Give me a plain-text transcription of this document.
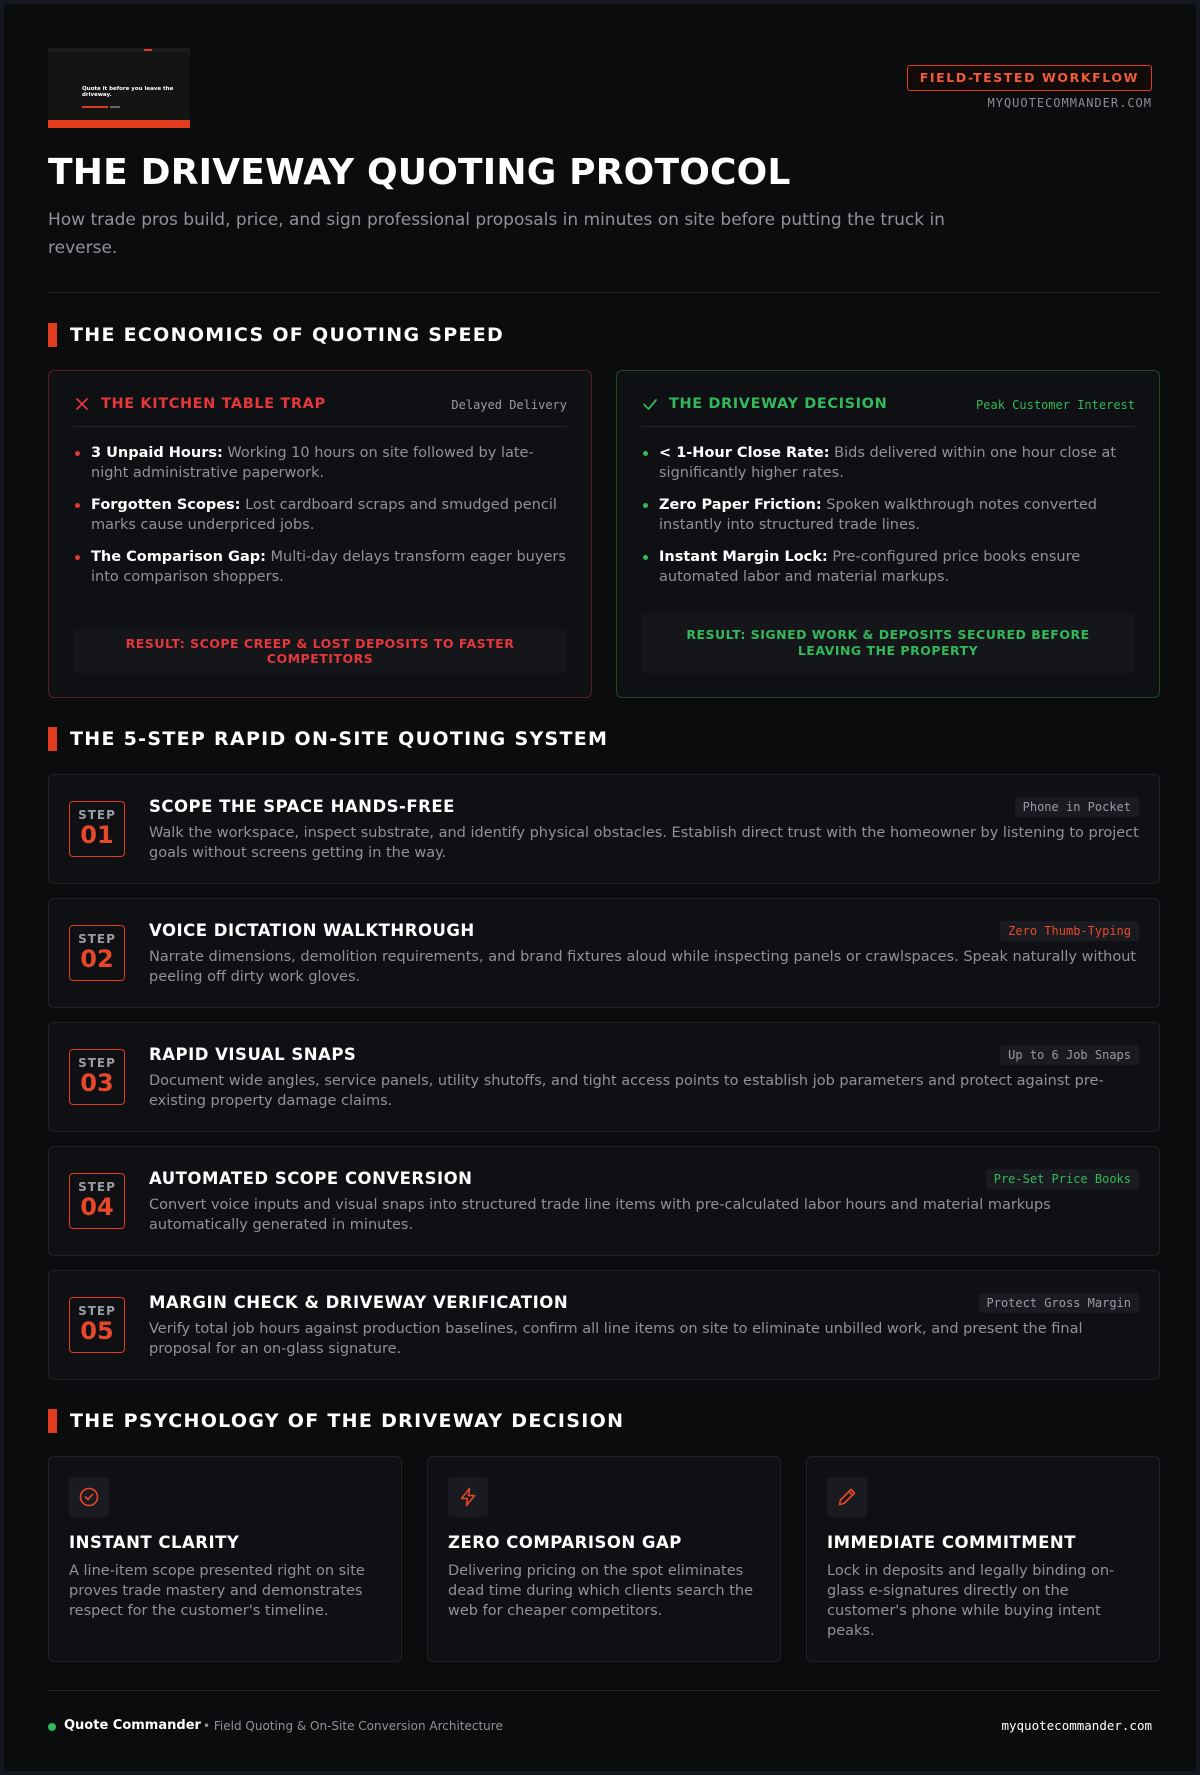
Quote it before you leave the driveway.
FIELD-TESTED WORKFLOW
MYQUOTECOMMANDER.COM
THE DRIVEWAY QUOTING PROTOCOL
How trade pros build, price, and sign professional proposals in minutes on site before putting the truck in reverse.
THE ECONOMICS OF QUOTING SPEED
THE KITCHEN TABLE TRAP	Delayed Delivery
3 Unpaid Hours: Working 10 hours on site followed by late-night administrative paperwork.
Forgotten Scopes: Lost cardboard scraps and smudged pencil marks cause underpriced jobs.
The Comparison Gap: Multi-day delays transform eager buyers into comparison shoppers.
RESULT: SCOPE CREEP & LOST DEPOSITS TO FASTER COMPETITORS
THE DRIVEWAY DECISION	Peak Customer Interest
< 1-Hour Close Rate: Bids delivered within one hour close at significantly higher rates.
Zero Paper Friction: Spoken walkthrough notes converted instantly into structured trade lines.
Instant Margin Lock: Pre-configured price books ensure automated labor and material markups.
RESULT: SIGNED WORK & DEPOSITS SECURED BEFORE LEAVING THE PROPERTY
THE 5-STEP RAPID ON-SITE QUOTING SYSTEM
STEP
01
SCOPE THE SPACE HANDS-FREE	Phone in Pocket
Walk the workspace, inspect substrate, and identify physical obstacles. Establish direct trust with the homeowner by listening to project goals without screens getting in the way.
STEP
02
VOICE DICTATION WALKTHROUGH	Zero Thumb-Typing
Narrate dimensions, demolition requirements, and brand fixtures aloud while inspecting panels or crawlspaces. Speak naturally without peeling off dirty work gloves.
STEP
03
RAPID VISUAL SNAPS	Up to 6 Job Snaps
Document wide angles, service panels, utility shutoffs, and tight access points to establish job parameters and protect against pre-existing property damage claims.
STEP
04
AUTOMATED SCOPE CONVERSION	Pre-Set Price Books
Convert voice inputs and visual snaps into structured trade line items with pre-calculated labor hours and material markups automatically generated in minutes.
STEP
05
MARGIN CHECK & DRIVEWAY VERIFICATION	Protect Gross Margin
Verify total job hours against production baselines, confirm all line items on site to eliminate unbilled work, and present the final proposal for an on-glass signature.
THE PSYCHOLOGY OF THE DRIVEWAY DECISION
INSTANT CLARITY
A line-item scope presented right on site proves trade mastery and demonstrates respect for the customer's timeline.
ZERO COMPARISON GAP
Delivering pricing on the spot eliminates dead time during which clients search the web for cheaper competitors.
IMMEDIATE COMMITMENT
Lock in deposits and legally binding on-glass e-signatures directly on the customer's phone while buying intent peaks.
Quote Commander • Field Quoting & On-Site Conversion Architecture	myquotecommander.com
